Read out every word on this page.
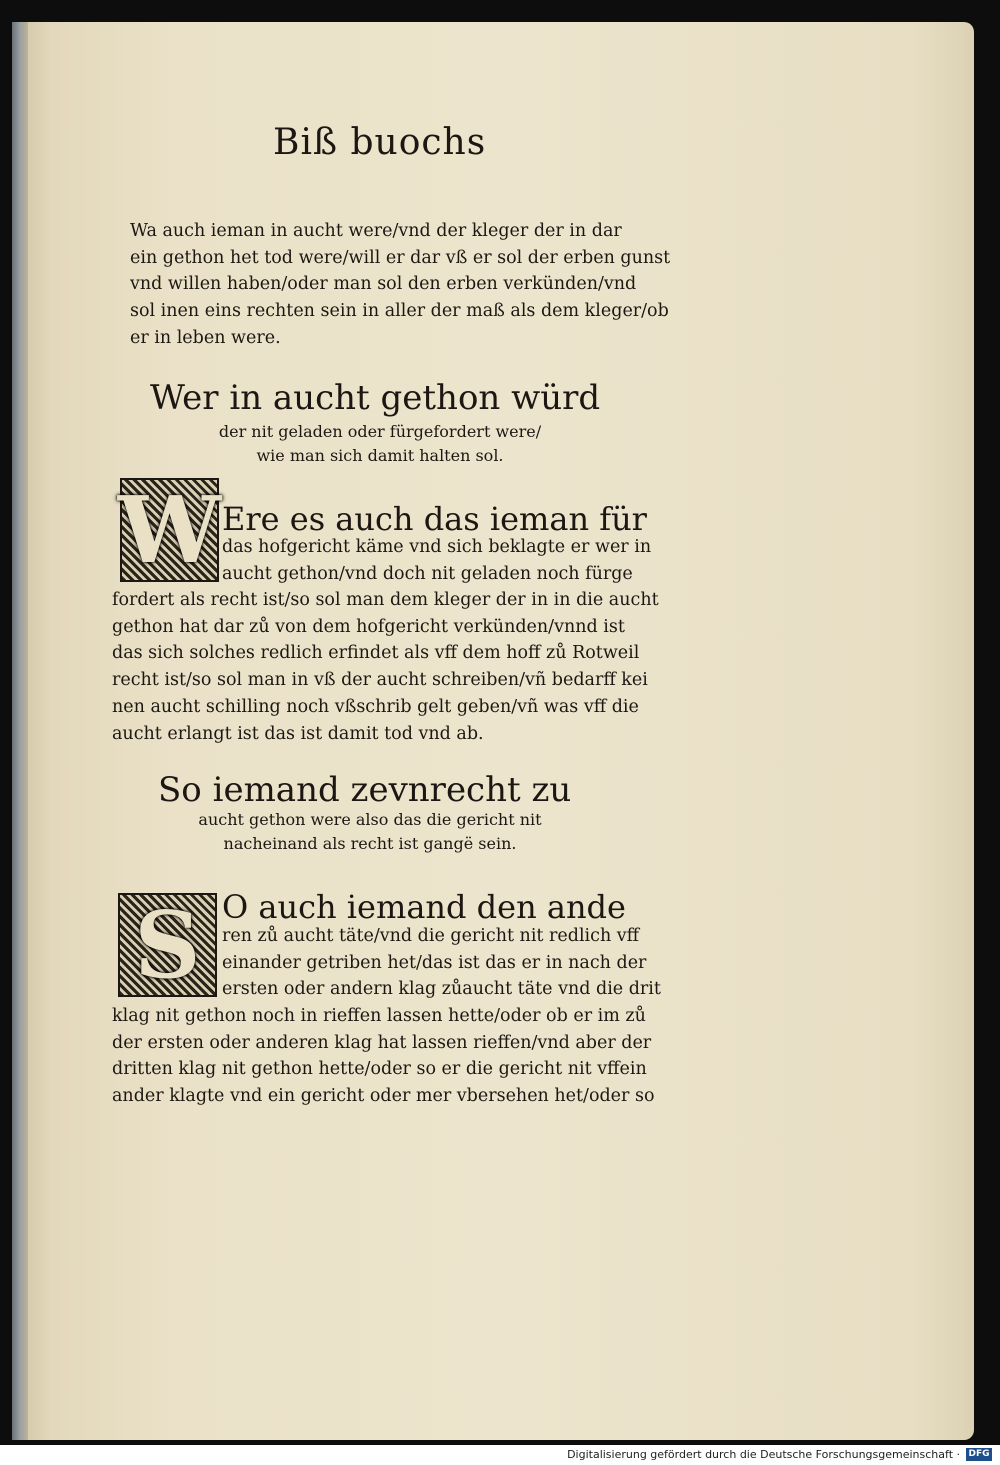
Biß buochs
Wa auch ieman in aucht were/vnd der kleger der in dar
ein gethon het tod were/will er dar vß er sol der erben gunst
vnd willen haben/oder man sol den erben verkünden/vnd
sol inen eins rechten sein in aller der maß als dem kleger/ob
er in leben were.
Wer in aucht gethon würd
der nit geladen oder fürgefordert were/
wie man sich damit halten sol.
W Ere es auch das ieman für
das hofgericht käme vnd sich beklagte er wer in
aucht gethon/vnd doch nit geladen noch fürge
fordert als recht ist/so sol man dem kleger der in in die aucht
gethon hat dar zů von dem hofgericht verkünden/vnnd ist
das sich solches redlich erfindet als vff dem hoff zů Rotweil
recht ist/so sol man in vß der aucht schreiben/vñ bedarff kei
nen aucht schilling noch vßschrib gelt geben/vñ was vff die
aucht erlangt ist das ist damit tod vnd ab.
So iemand zevnrecht zu
aucht gethon were also das die gericht nit
nacheinand als recht ist gangë sein.
S O auch iemand den ande
ren zů aucht täte/vnd die gericht nit redlich vff
einander getriben het/das ist das er in nach der
ersten oder andern klag zůaucht täte vnd die drit
klag nit gethon noch in rieffen lassen hette/oder ob er im zů
der ersten oder anderen klag hat lassen rieffen/vnd aber der
dritten klag nit gethon hette/oder so er die gericht nit vffein
ander klagte vnd ein gericht oder mer vbersehen het/oder so
Digitalisierung gefördert durch die Deutsche Forschungsgemeinschaft · DFG
